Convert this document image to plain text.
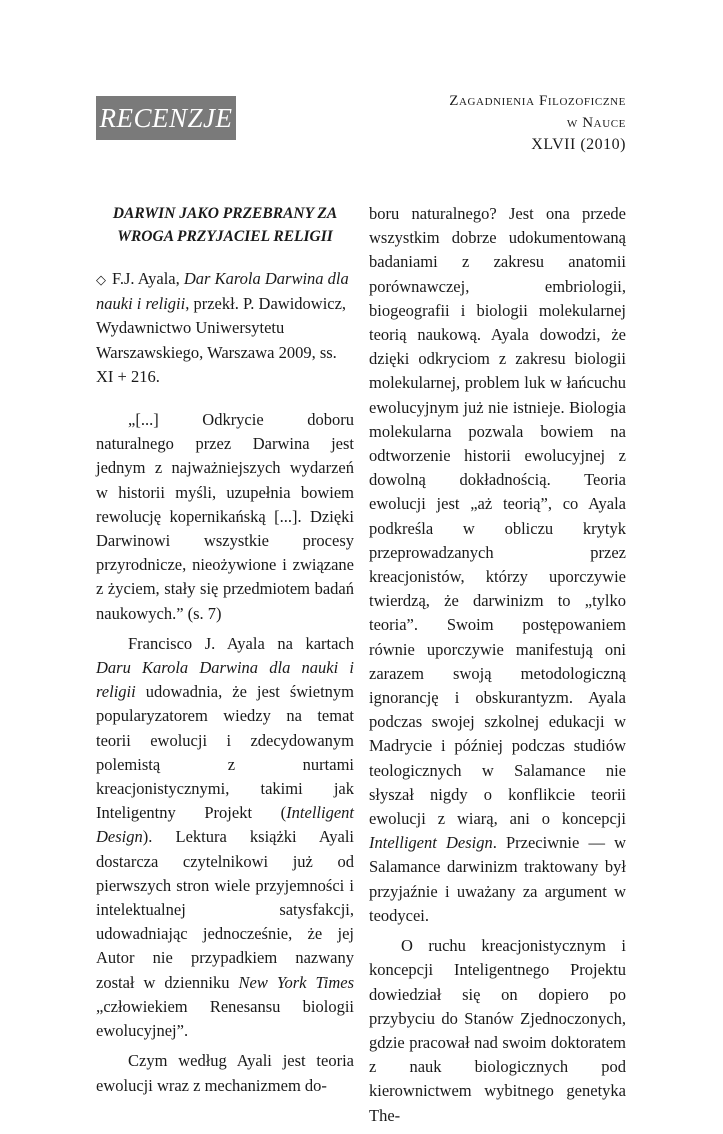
RECENZJE
Zagadnienia Filozoficzne
w Nauce
XLVII (2010)
DARWIN JAKO PRZEBRANY ZA WROGA PRZYJACIEL RELIGII
◇ F.J. Ayala, Dar Karola Darwina dla nauki i religii, przekł. P. Dawidowicz, Wydawnictwo Uniwersytetu Warszawskiego, Warszawa 2009, ss. XI + 216.

„[...] Odkrycie doboru naturalnego przez Darwina jest jednym z najważniejszych wydarzeń w historii myśli, uzupełnia bowiem rewolucję kopernikańską [...]. Dzięki Darwinowi wszystkie procesy przyrodnicze, nieożywione i związane z życiem, stały się przedmiotem badań naukowych.” (s. 7)

Francisco J. Ayala na kartach Daru Karola Darwina dla nauki i religii udowadnia, że jest świetnym popularyzatorem wiedzy na temat teorii ewolucji i zdecydowanym polemistą z nurtami kreacjonistycznymi, takimi jak Inteligentny Projekt (Intelligent Design). Lektura książki Ayali dostarcza czytelnikowi już od pierwszych stron wiele przyjemności i intelektualnej satysfakcji, udowadniając jednocześnie, że jej Autor nie przypadkiem nazwany został w dzienniku New York Times „człowiekiem Renesansu biologii ewolucyjnej”.

Czym według Ayali jest teoria ewolucji wraz z mechanizmem do-

boru naturalnego? Jest ona przede wszystkim dobrze udokumentowaną badaniami z zakresu anatomii porównawczej, embriologii, biogeografii i biologii molekularnej teorią naukową. Ayala dowodzi, że dzięki odkryciom z zakresu biologii molekularnej, problem luk w łańcuchu ewolucyjnym już nie istnieje. Biologia molekularna pozwala bowiem na odtworzenie historii ewolucyjnej z dowolną dokładnością. Teoria ewolucji jest „aż teorią”, co Ayala podkreśla w obliczu krytyk przeprowadzanych przez kreacjonistów, którzy uporczywie twierdzą, że darwinizm to „tylko teoria”. Swoim postępowaniem równie uporczywie manifestują oni zarazem swoją metodologiczną ignorancję i obskurantyzm. Ayala podczas swojej szkolnej edukacji w Madrycie i później podczas studiów teologicznych w Salamance nie słyszał nigdy o konflikcie teorii ewolucji z wiarą, ani o koncepcji Intelligent Design. Przeciwnie — w Salamance darwinizm traktowany był przyjaźnie i uważany za argument w teodycei.

O ruchu kreacjonistycznym i koncepcji Inteligentnego Projektu dowiedział się on dopiero po przybyciu do Stanów Zjednoczonych, gdzie pracował nad swoim doktoratem z nauk biologicznych pod kierownictwem wybitnego genetyka The-
